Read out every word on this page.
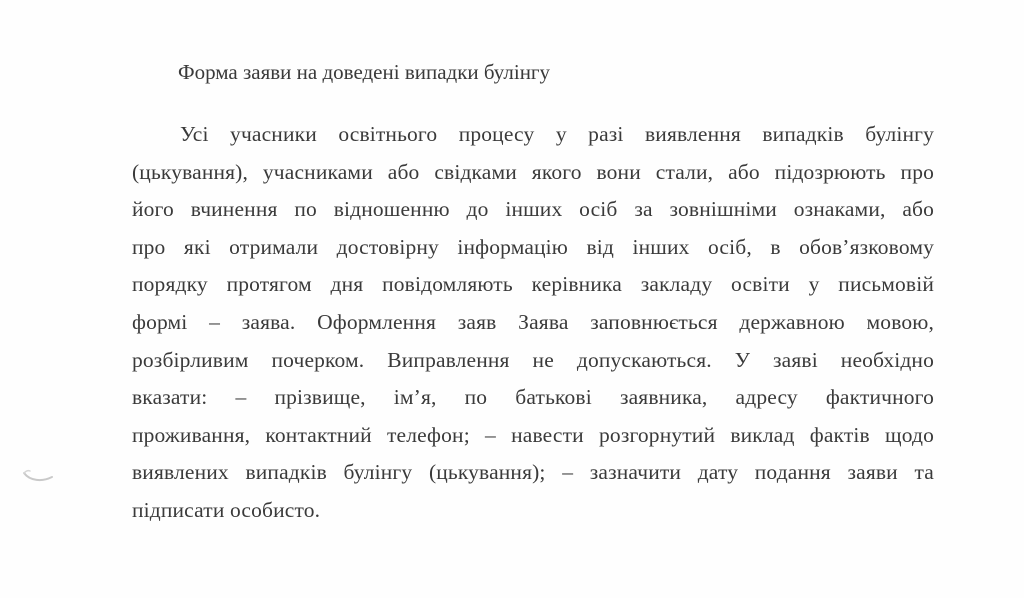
Форма заяви на доведені випадки булінгу
Усі учасники освітнього процесу у разі виявлення випадків булінгу
(цькування), учасниками або свідками якого вони стали, або підозрюють про
його вчинення по відношенню до інших осіб за зовнішніми ознаками, або
про які отримали достовірну інформацію від інших осіб, в обов’язковому
порядку протягом дня повідомляють керівника закладу освіти у письмовій
формі – заява. Оформлення заяв Заява заповнюється державною мовою,
розбірливим почерком. Виправлення не допускаються. У заяві необхідно
вказати: – прізвище, ім’я, по батькові заявника, адресу фактичного
проживання, контактний телефон; – навести розгорнутий виклад фактів щодо
виявлених випадків булінгу (цькування); – зазначити дату подання заяви та
підписати особисто.
